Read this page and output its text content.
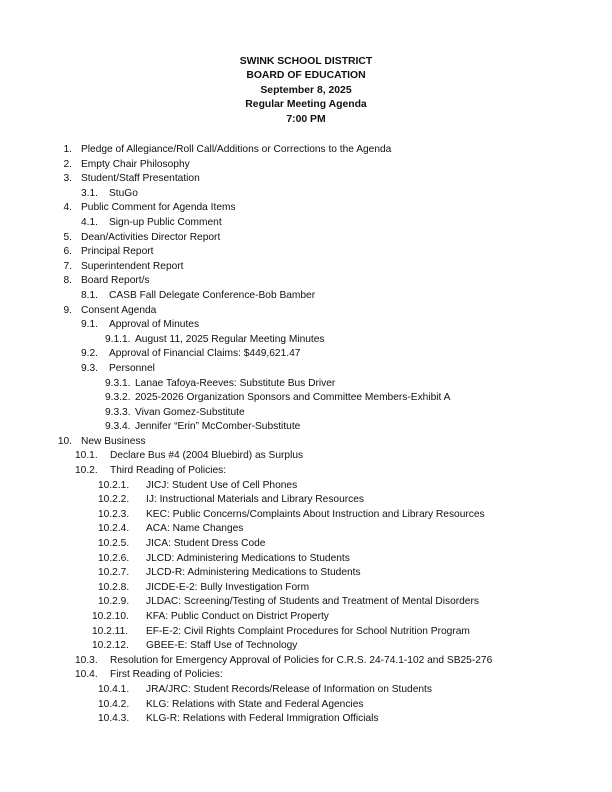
SWINK SCHOOL DISTRICT
BOARD OF EDUCATION
September 8, 2025
Regular Meeting Agenda
7:00 PM
1. Pledge of Allegiance/Roll Call/Additions or Corrections to the Agenda
2. Empty Chair Philosophy
3. Student/Staff Presentation
3.1. StuGo
4. Public Comment for Agenda Items
4.1. Sign-up Public Comment
5. Dean/Activities Director Report
6. Principal Report
7. Superintendent Report
8. Board Report/s
8.1. CASB Fall Delegate Conference-Bob Bamber
9. Consent Agenda
9.1. Approval of Minutes
9.1.1. August 11, 2025 Regular Meeting Minutes
9.2. Approval of Financial Claims: $449,621.47
9.3. Personnel
9.3.1. Lanae Tafoya-Reeves: Substitute Bus Driver
9.3.2. 2025-2026 Organization Sponsors and Committee Members-Exhibit A
9.3.3. Vivan Gomez-Substitute
9.3.4. Jennifer “Erin” McComber-Substitute
10. New Business
10.1. Declare Bus #4 (2004 Bluebird) as Surplus
10.2. Third Reading of Policies:
10.2.1. JICJ: Student Use of Cell Phones
10.2.2. IJ: Instructional Materials and Library Resources
10.2.3. KEC: Public Concerns/Complaints About Instruction and Library Resources
10.2.4. ACA: Name Changes
10.2.5. JICA: Student Dress Code
10.2.6. JLCD: Administering Medications to Students
10.2.7. JLCD-R: Administering Medications to Students
10.2.8. JICDE-E-2: Bully Investigation Form
10.2.9. JLDAC: Screening/Testing of Students and Treatment of Mental Disorders
10.2.10. KFA: Public Conduct on District Property
10.2.11. EF-E-2: Civil Rights Complaint Procedures for School Nutrition Program
10.2.12. GBEE-E: Staff Use of Technology
10.3. Resolution for Emergency Approval of Policies for C.R.S. 24-74.1-102 and SB25-276
10.4. First Reading of Policies:
10.4.1. JRA/JRC: Student Records/Release of Information on Students
10.4.2. KLG: Relations with State and Federal Agencies
10.4.3. KLG-R: Relations with Federal Immigration Officials
